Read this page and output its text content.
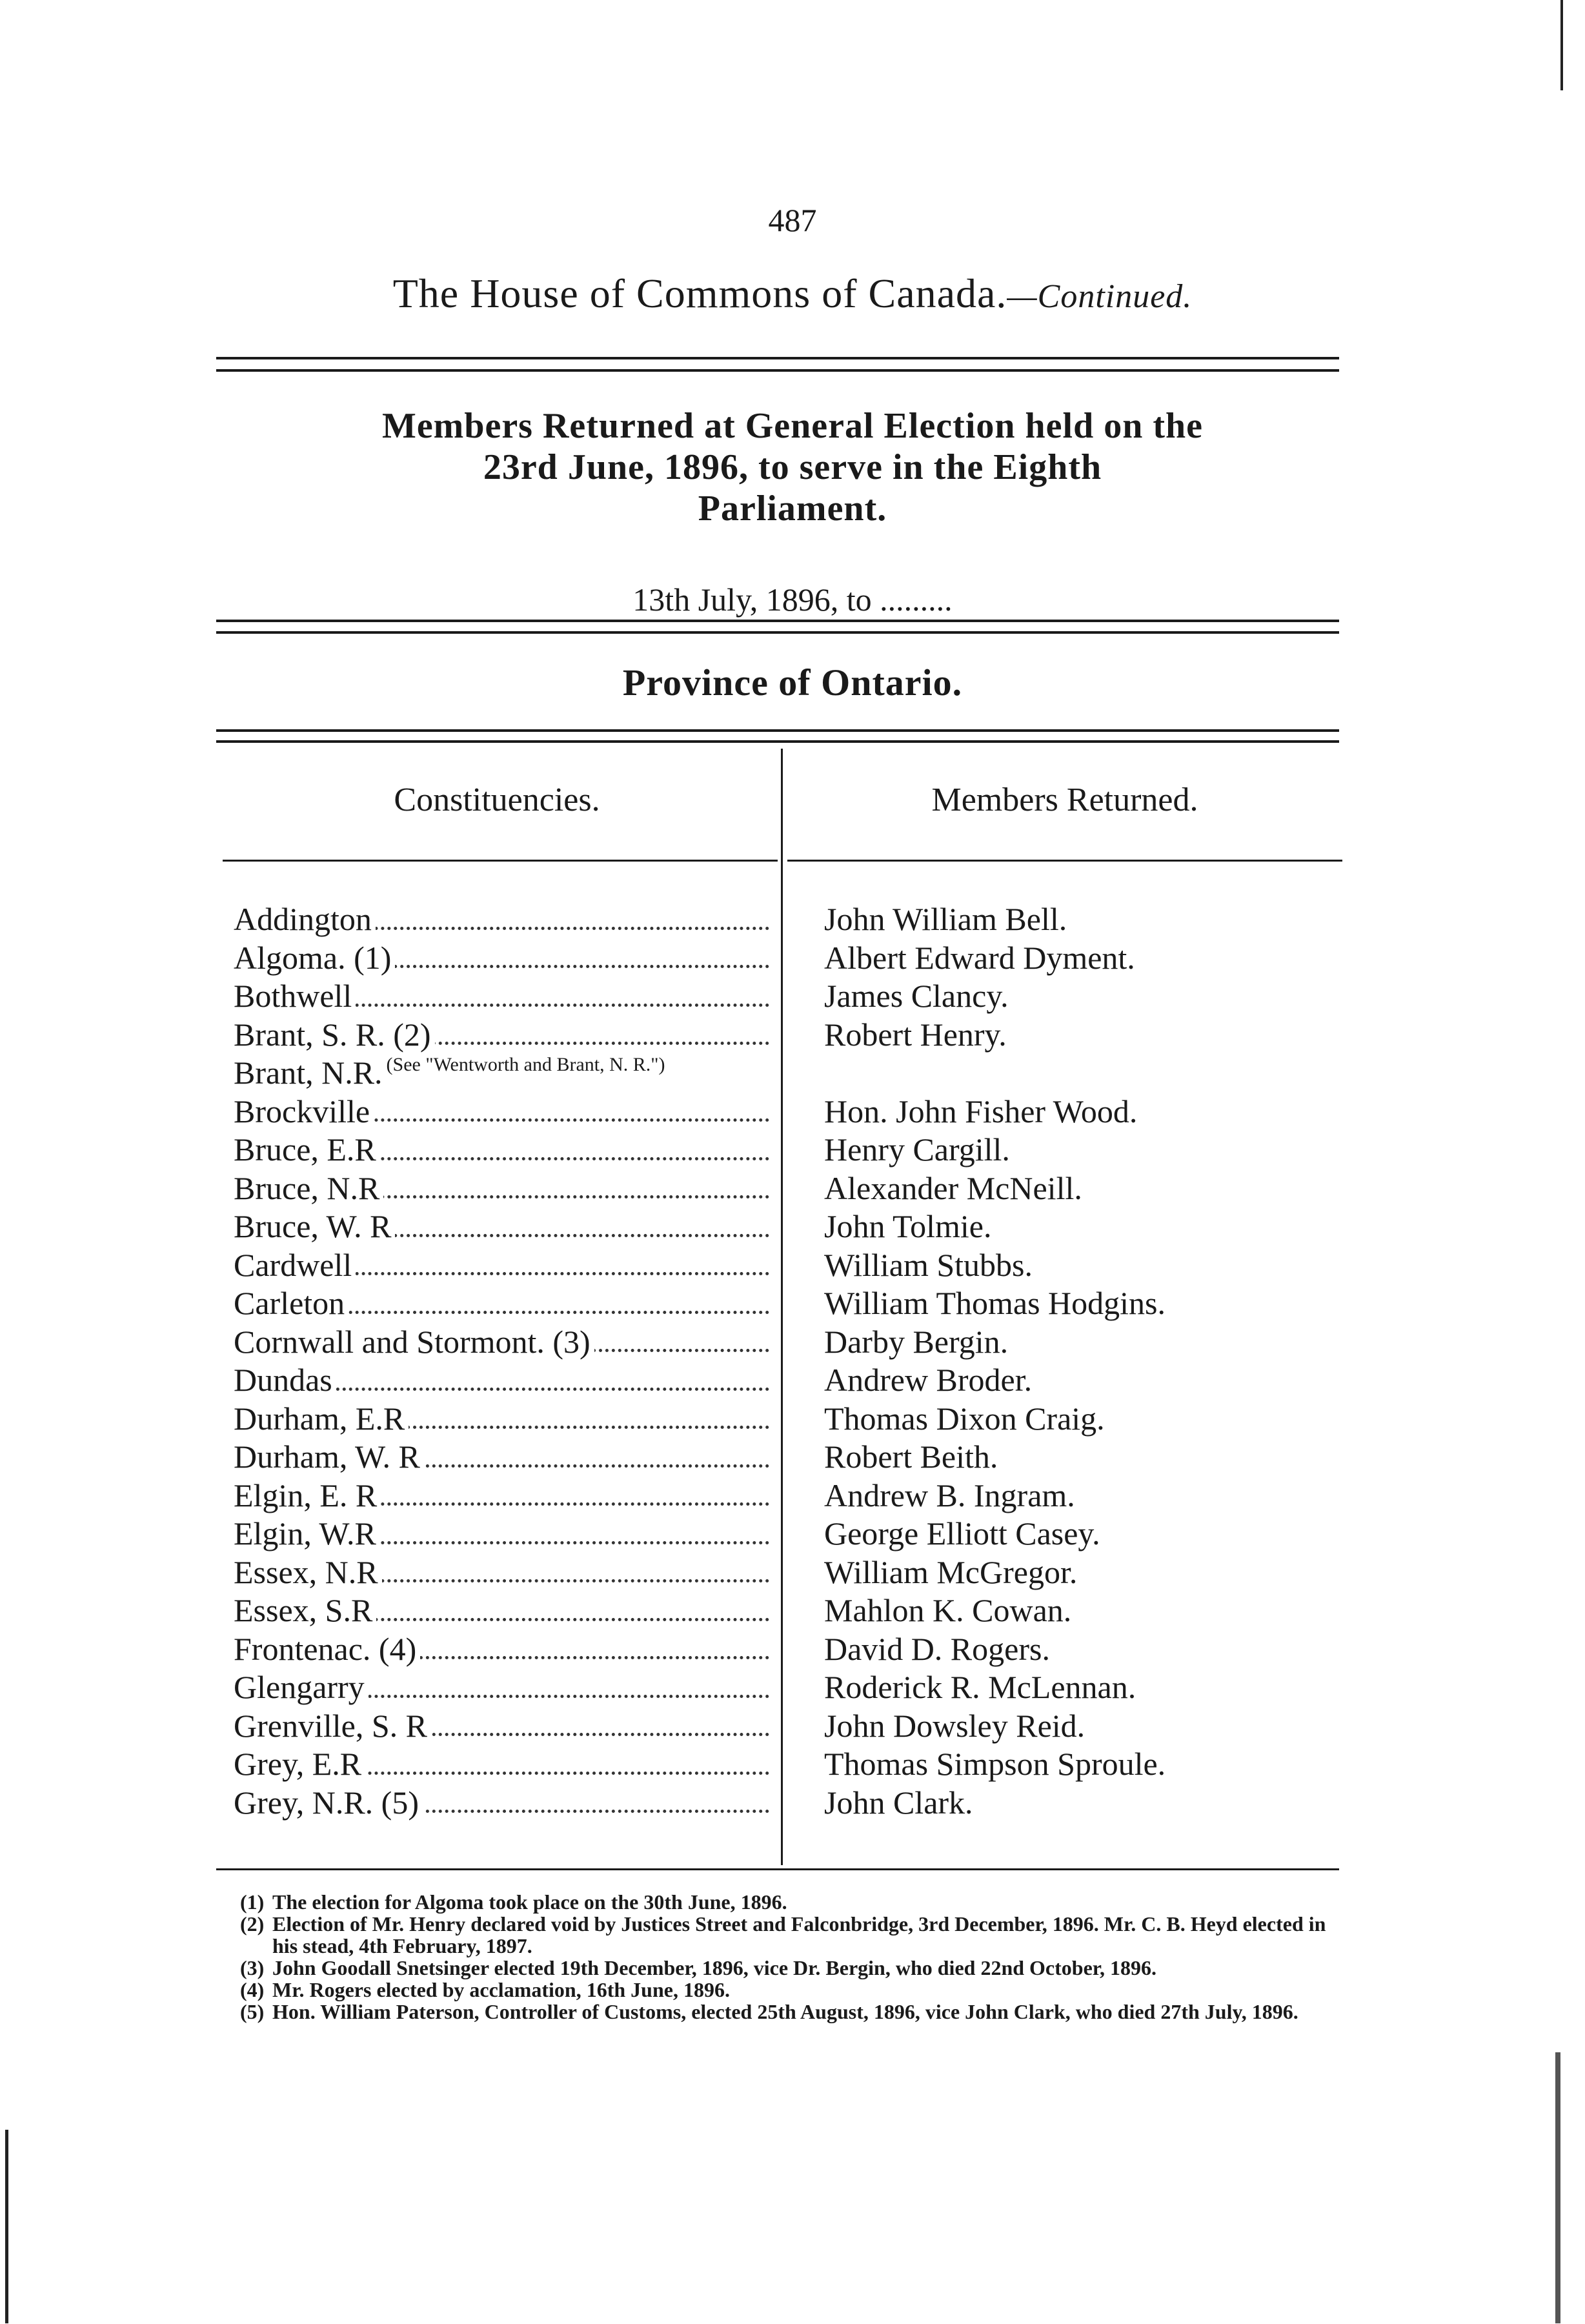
487
The House of Commons of Canada.—Continued.
Members Returned at General Election held on the
23rd June, 1896, to serve in the Eighth
Parliament.
13th July, 1896, to .........
Province of Ontario.
Constituencies.	Members Returned.
Addington	John William Bell.
Algoma. (1)	Albert Edward Dyment.
Bothwell	James Clancy.
Brant, S. R. (2)	Robert Henry.
Brant, N.R. (See "Wentworth and Brant, N. R.")
Brockville	Hon. John Fisher Wood.
Bruce, E.R	Henry Cargill.
Bruce, N.R	Alexander McNeill.
Bruce, W. R	John Tolmie.
Cardwell	William Stubbs.
Carleton	William Thomas Hodgins.
Cornwall and Stormont. (3)	Darby Bergin.
Dundas	Andrew Broder.
Durham, E.R	Thomas Dixon Craig.
Durham, W. R	Robert Beith.
Elgin, E. R	Andrew B. Ingram.
Elgin, W.R	George Elliott Casey.
Essex, N.R	William McGregor.
Essex, S.R	Mahlon K. Cowan.
Frontenac. (4)	David D. Rogers.
Glengarry	Roderick R. McLennan.
Grenville, S. R	John Dowsley Reid.
Grey, E.R	Thomas Simpson Sproule.
Grey, N.R. (5)	John Clark.
(1) The election for Algoma took place on the 30th June, 1896.
(2) Election of Mr. Henry declared void by Justices Street and Falconbridge, 3rd December, 1896. Mr. C. B. Heyd elected in his stead, 4th February, 1897.
(3) John Goodall Snetsinger elected 19th December, 1896, vice Dr. Bergin, who died 22nd October, 1896.
(4) Mr. Rogers elected by acclamation, 16th June, 1896.
(5) Hon. William Paterson, Controller of Customs, elected 25th August, 1896, vice John Clark, who died 27th July, 1896.
